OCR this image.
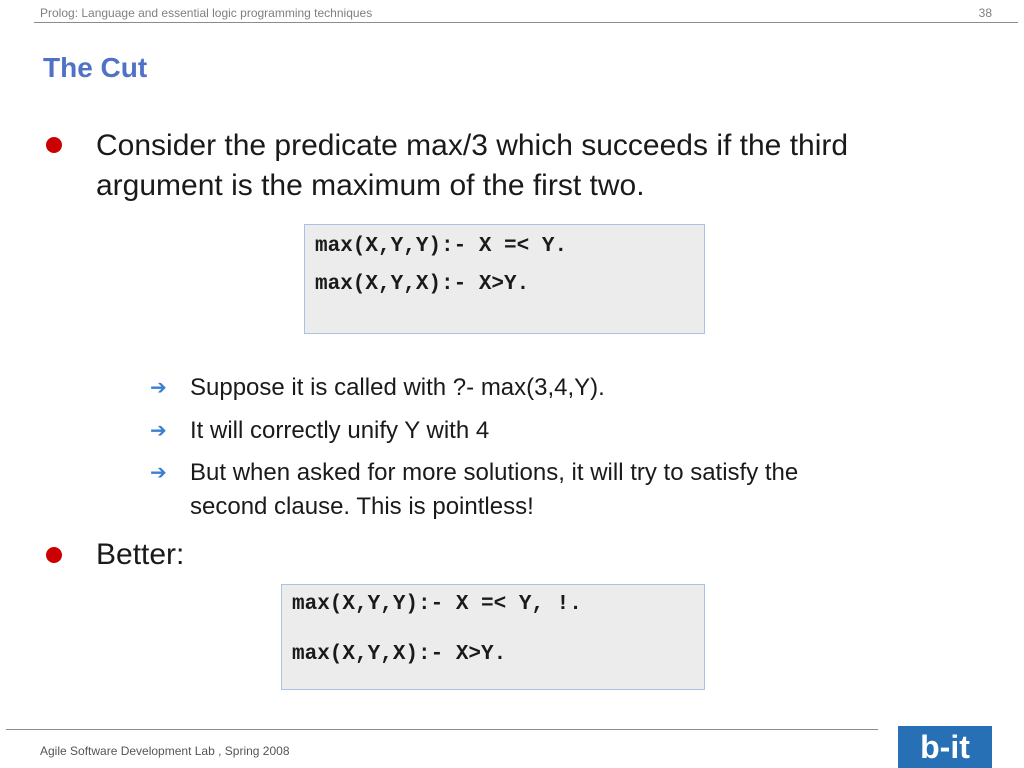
Prolog: Language and essential logic programming techniques	38
The Cut
Consider the predicate max/3 which succeeds if the third
argument is the maximum of the first two.
max(X,Y,Y):- X =< Y.
max(X,Y,X):- X>Y.
➔ Suppose it is called with ?- max(3,4,Y).
➔ It will correctly unify Y with 4
➔ But when asked for more solutions, it will try to satisfy the
second clause. This is pointless!
Better:
max(X,Y,Y):- X =< Y, !.
max(X,Y,X):- X>Y.
Agile Software Development Lab , Spring 2008	b-it
